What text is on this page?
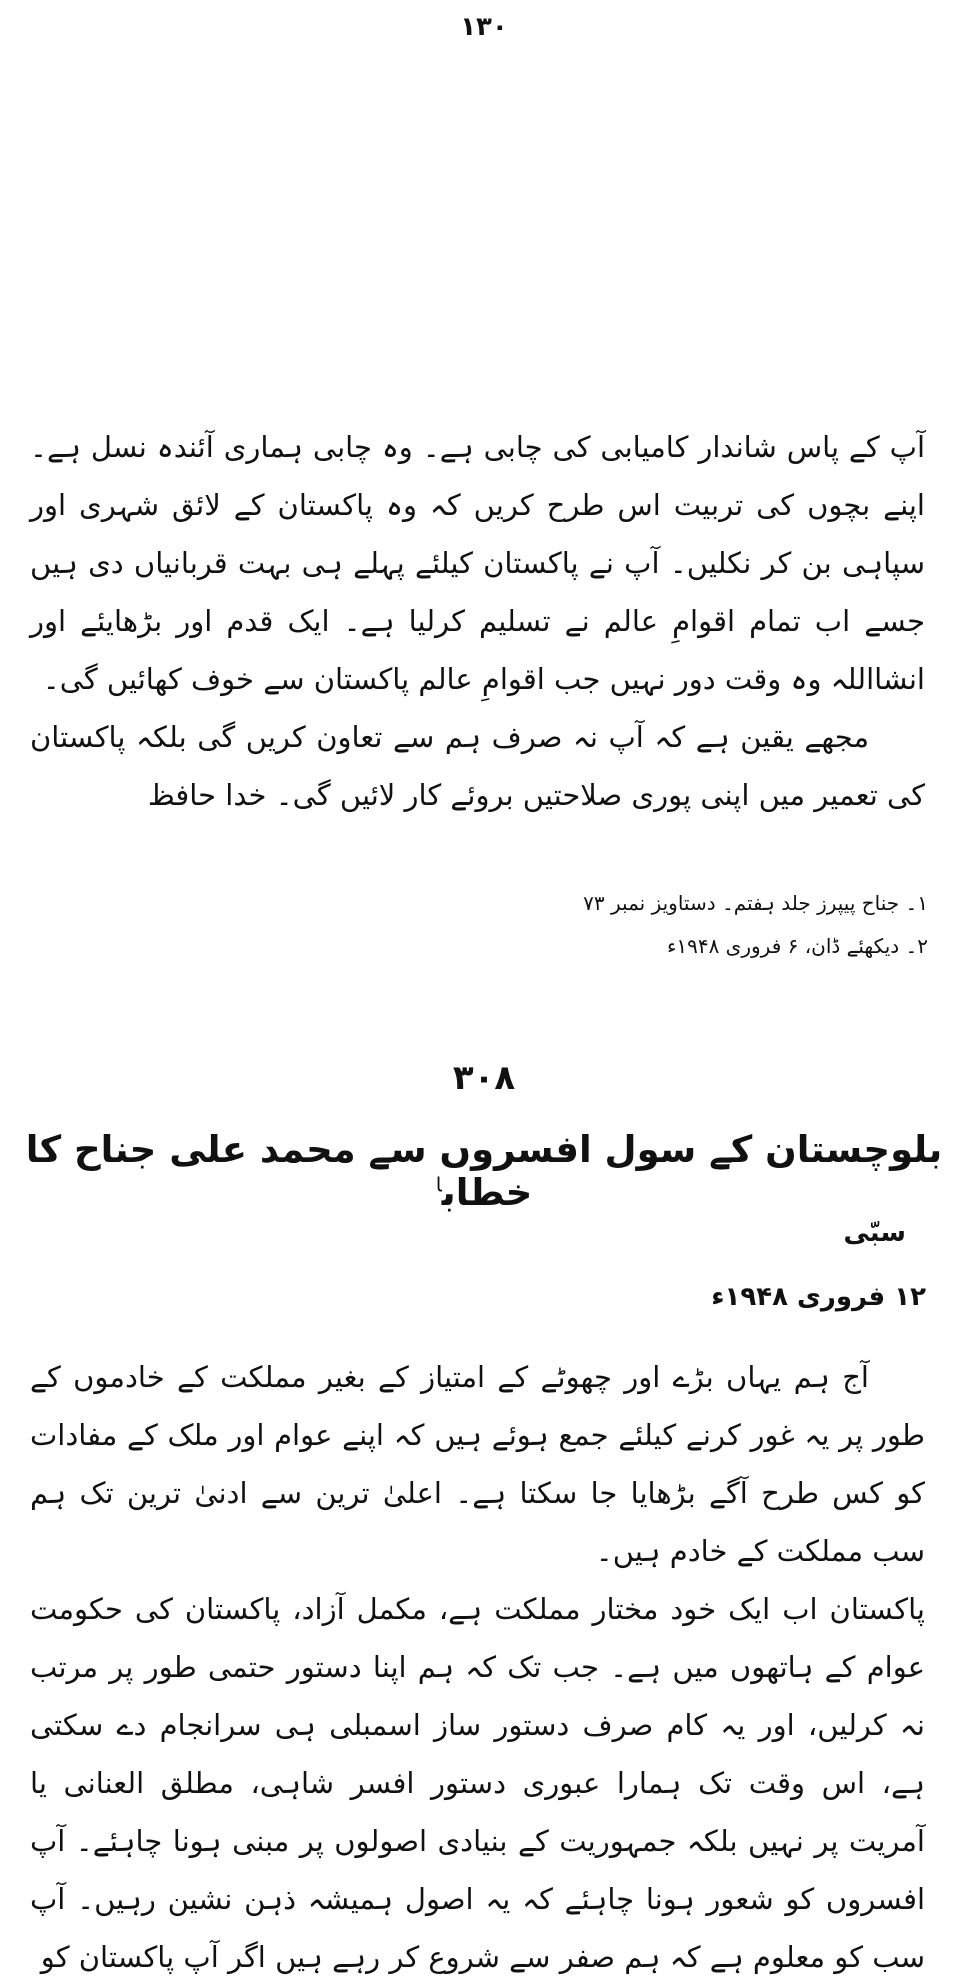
۱۳۰

آپ کے پاس شاندار کامیابی کی چابی ہے۔ وہ چابی ہماری آئندہ نسل ہے۔ اپنے بچوں کی تربیت اس طرح کریں کہ وہ پاکستان کے لائق شہری اور سپاہی بن کر نکلیں۔ آپ نے پاکستان کیلئے پہلے ہی بہت قربانیاں دی ہیں جسے اب تمام اقوامِ عالم نے تسلیم کرلیا ہے۔ ایک قدم اور بڑھایئے اور انشااللہ وہ وقت دور نہیں جب اقوامِ عالم پاکستان سے خوف کھائیں گی۔

مجھے یقین ہے کہ آپ نہ صرف ہم سے تعاون کریں گی بلکہ پاکستان کی تعمیر میں اپنی پوری صلاحتیں بروئے کار لائیں گی۔ خدا حافظ

۱۔ جناح پیپرز جلد ہفتم۔ دستاویز نمبر ۷۳
۲۔ دیکھئے ڈان، ۶ فروری ۱۹۴۸ء
۳۰۸
بلوچستان کے سول افسروں سے محمد علی جناح کا خطاب$^ا$
سبّی
۱۲ فروری ۱۹۴۸ء

آج ہم یہاں بڑے اور چھوٹے کے امتیاز کے بغیر مملکت کے خادموں کے طور پر یہ غور کرنے کیلئے جمع ہوئے ہیں کہ اپنے عوام اور ملک کے مفادات کو کس طرح آگے بڑھایا جا سکتا ہے۔ اعلیٰ ترین سے ادنیٰ ترین تک ہم سب مملکت کے خادم ہیں۔

پاکستان اب ایک خود مختار مملکت ہے، مکمل آزاد، پاکستان کی حکومت عوام کے ہاتھوں میں ہے۔ جب تک کہ ہم اپنا دستور حتمی طور پر مرتب نہ کرلیں، اور یہ کام صرف دستور ساز اسمبلی ہی سرانجام دے سکتی ہے، اس وقت تک ہمارا عبوری دستور افسر شاہی، مطلق العنانی یا آمریت پر نہیں بلکہ جمہوریت کے بنیادی اصولوں پر مبنی ہونا چاہئے۔ آپ افسروں کو شعور ہونا چاہئے کہ یہ اصول ہمیشہ ذہن نشین رہیں۔ آپ سب کو معلوم ہے کہ ہم صفر سے شروع کر رہے ہیں اگر آپ پاکستان کو
